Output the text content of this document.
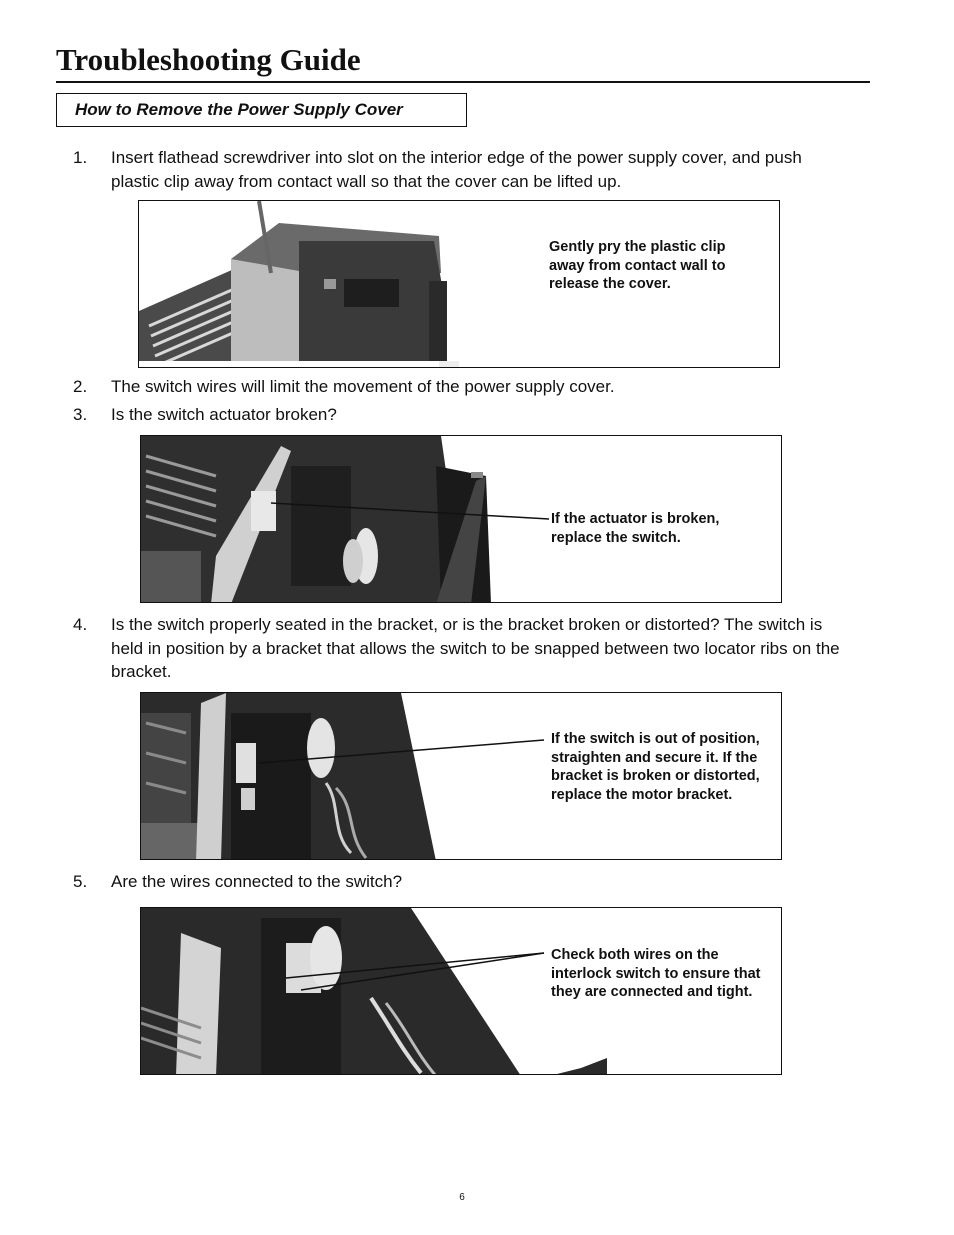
Troubleshooting Guide
How to Remove the Power Supply Cover
1.	Insert flathead screwdriver into slot on the interior edge of the power supply cover, and push plastic clip away from contact wall so that the cover can be lifted up.
Gently pry the plastic clip away from contact wall to release the cover.
2.	The switch wires will limit the movement of the power supply cover.
3.	Is the switch actuator broken?
If the actuator is broken, replace the switch.
4.	Is the switch properly seated in the bracket, or is the bracket broken or distorted? The switch is held in position by a bracket that allows the switch to be snapped between two locator ribs on the bracket.
If the switch is out of position, straighten and secure it. If the bracket is broken or distorted, replace the motor bracket.
5.	Are the wires connected to the switch?
Check both wires on the interlock switch to ensure that they are connected and tight.
6
